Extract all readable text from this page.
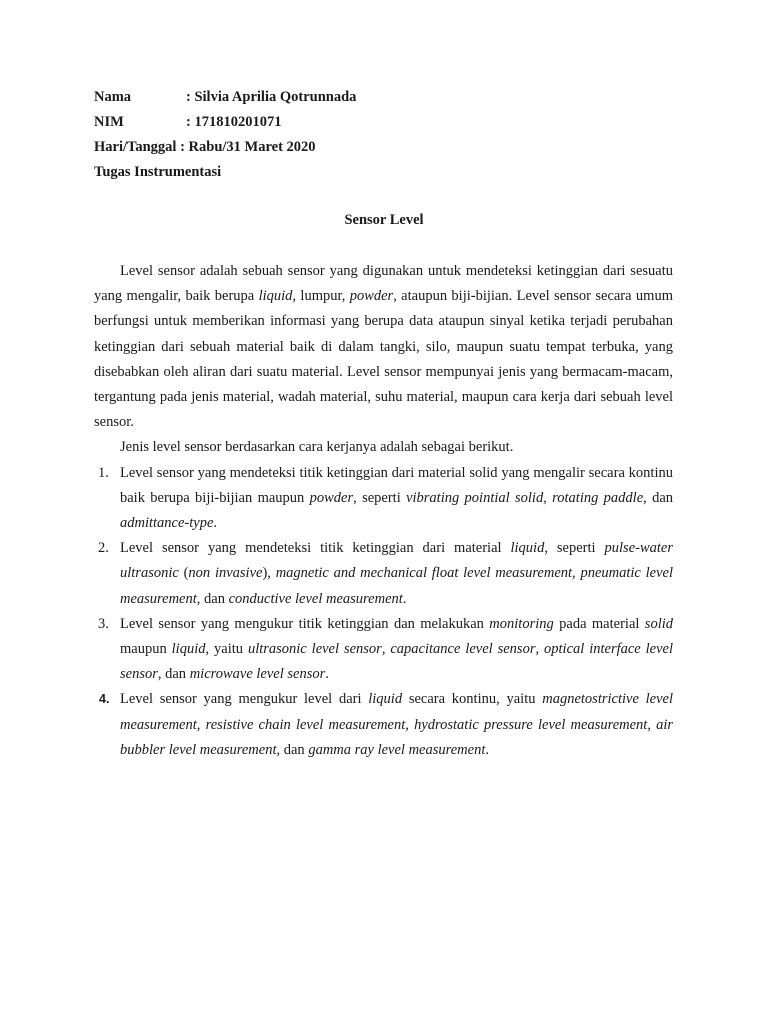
Nama	: Silvia Aprilia Qotrunnada
NIM	: 171810201071
Hari/Tanggal : Rabu/31 Maret 2020
Tugas Instrumentasi
Sensor Level

Level sensor adalah sebuah sensor yang digunakan untuk mendeteksi ketinggian dari sesuatu yang mengalir, baik berupa liquid, lumpur, powder, ataupun biji-bijian. Level sensor secara umum berfungsi untuk memberikan informasi yang berupa data ataupun sinyal ketika terjadi perubahan ketinggian dari sebuah material baik di dalam tangki, silo, maupun suatu tempat terbuka, yang disebabkan oleh aliran dari suatu material. Level sensor mempunyai jenis yang bermacam-macam, tergantung pada jenis material, wadah material, suhu material, maupun cara kerja dari sebuah level sensor.

Jenis level sensor berdasarkan cara kerjanya adalah sebagai berikut.

1. Level sensor yang mendeteksi titik ketinggian dari material solid yang mengalir secara kontinu baik berupa biji-bijian maupun powder, seperti vibrating pointial solid, rotating paddle, dan admittance-type.
2. Level sensor yang mendeteksi titik ketinggian dari material liquid, seperti pulse-water ultrasonic (non invasive), magnetic and mechanical float level measurement, pneumatic level measurement, dan conductive level measurement.
3. Level sensor yang mengukur titik ketinggian dan melakukan monitoring pada material solid maupun liquid, yaitu ultrasonic level sensor, capacitance level sensor, optical interface level sensor, dan microwave level sensor.
4. Level sensor yang mengukur level dari liquid secara kontinu, yaitu magnetostrictive level measurement, resistive chain level measurement, hydrostatic pressure level measurement, air bubbler level measurement, dan gamma ray level measurement.
